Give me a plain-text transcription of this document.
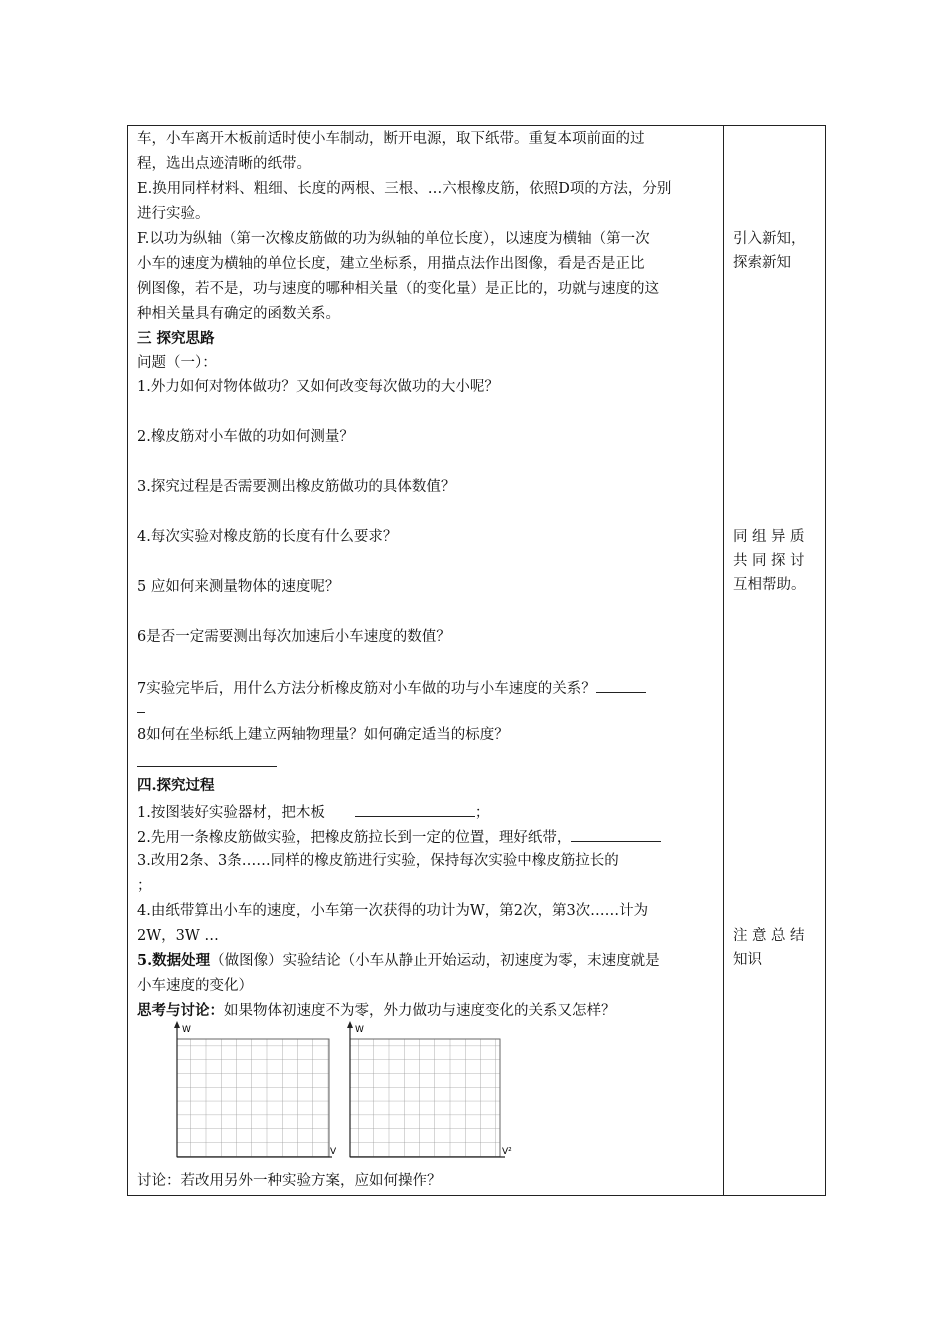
车，小车离开木板前适时使小车制动，断开电源，取下纸带。重复本项前面的过
程，选出点迹清晰的纸带。
E.换用同样材料、粗细、长度的两根、三根、…六根橡皮筋，依照D项的方法，分别
进行实验。
F.以功为纵轴（第一次橡皮筋做的功为纵轴的单位长度），以速度为横轴（第一次
小车的速度为横轴的单位长度，建立坐标系，用描点法作出图像，看是否是正比
例图像，若不是，功与速度的哪种相关量（的变化量）是正比的，功就与速度的这
种相关量具有确定的函数关系。
三 探究思路
问题（一）：
1.外力如何对物体做功？又如何改变每次做功的大小呢？
2.橡皮筋对小车做的功如何测量？
3.探究过程是否需要测出橡皮筋做功的具体数值？
4.每次实验对橡皮筋的长度有什么要求？
5 应如何来测量物体的速度呢？
6是否一定需要测出每次加速后小车速度的数值？
7实验完毕后，用什么方法分析橡皮筋对小车做的功与小车速度的关系？
8如何在坐标纸上建立两轴物理量？如何确定适当的标度？
四.探究过程
1.按图装好实验器材，把木板	；
2.先用一条橡皮筋做实验，把橡皮筋拉长到一定的位置，理好纸带，
3.改用2条、3条……同样的橡皮筋进行实验，保持每次实验中橡皮筋拉长的
；
4.由纸带算出小车的速度，小车第一次获得的功计为W，第2次，第3次……计为
2W，3W …
5.数据处理（做图像）实验结论（小车从静止开始运动，初速度为零，末速度就是
小车速度的变化）
思考与讨论：如果物体初速度不为零，外力做功与速度变化的关系又怎样？
W
V
W
V²
讨论：若改用另外一种实验方案，应如何操作？
引入新知，
探索新知
同组异质
共同探讨
互相帮助。
注意总结
知识
